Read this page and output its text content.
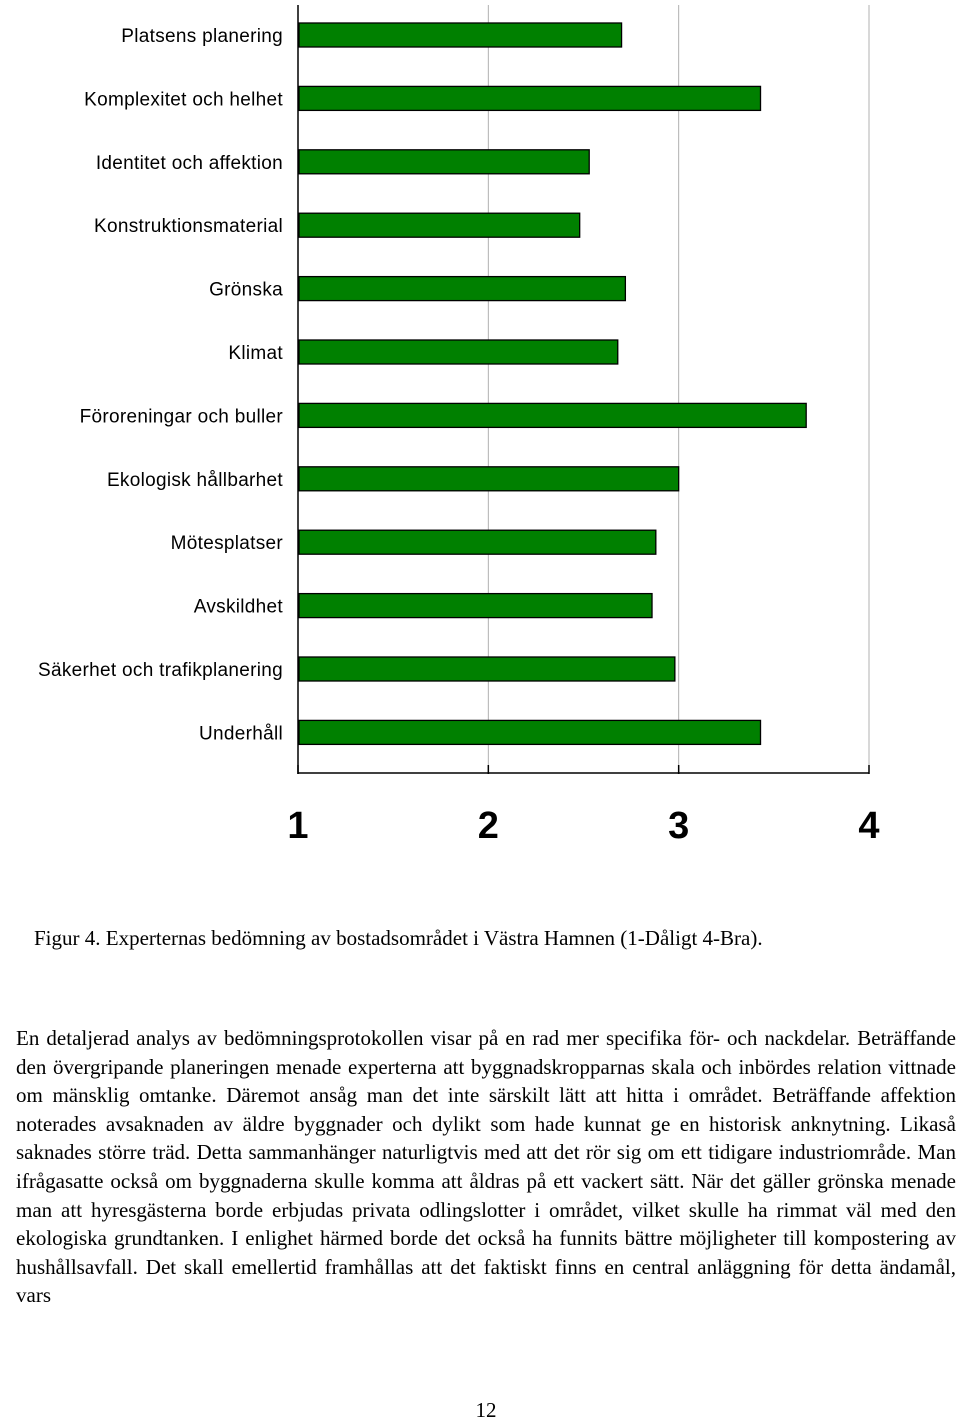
1	2	3	4
Platsens planering
Komplexitet och helhet
Identitet och affektion
Konstruktionsmaterial
Grönska
Klimat
Föroreningar och buller
Ekologisk hållbarhet
Mötesplatser
Avskildhet
Säkerhet och trafikplanering
Underhåll
Figur 4. Experternas bedömning av bostadsområdet i Västra Hamnen (1-Dåligt 4-Bra).
En detaljerad analys av bedömningsprotokollen visar på en rad mer specifika för- och nackdelar. Beträffande den övergripande planeringen menade experterna att byggnadskropparnas skala och inbördes relation vittnade om mänsklig omtanke. Däremot ansåg man det inte särskilt lätt att hitta i området. Beträffande affektion noterades avsaknaden av äldre byggnader och dylikt som hade kunnat ge en historisk anknytning. Likaså saknades större träd. Detta sammanhänger naturligtvis med att det rör sig om ett tidigare industriområde. Man ifrågasatte också om byggnaderna skulle komma att åldras på ett vackert sätt. När det gäller grönska menade man att hyresgästerna borde erbjudas privata odlingslotter i området, vilket skulle ha rimmat väl med den ekologiska grundtanken. I enlighet härmed borde det också ha funnits bättre möjligheter till kompostering av hushållsavfall. Det skall emellertid framhållas att det faktiskt finns en central anläggning för detta ändamål, vars
12
